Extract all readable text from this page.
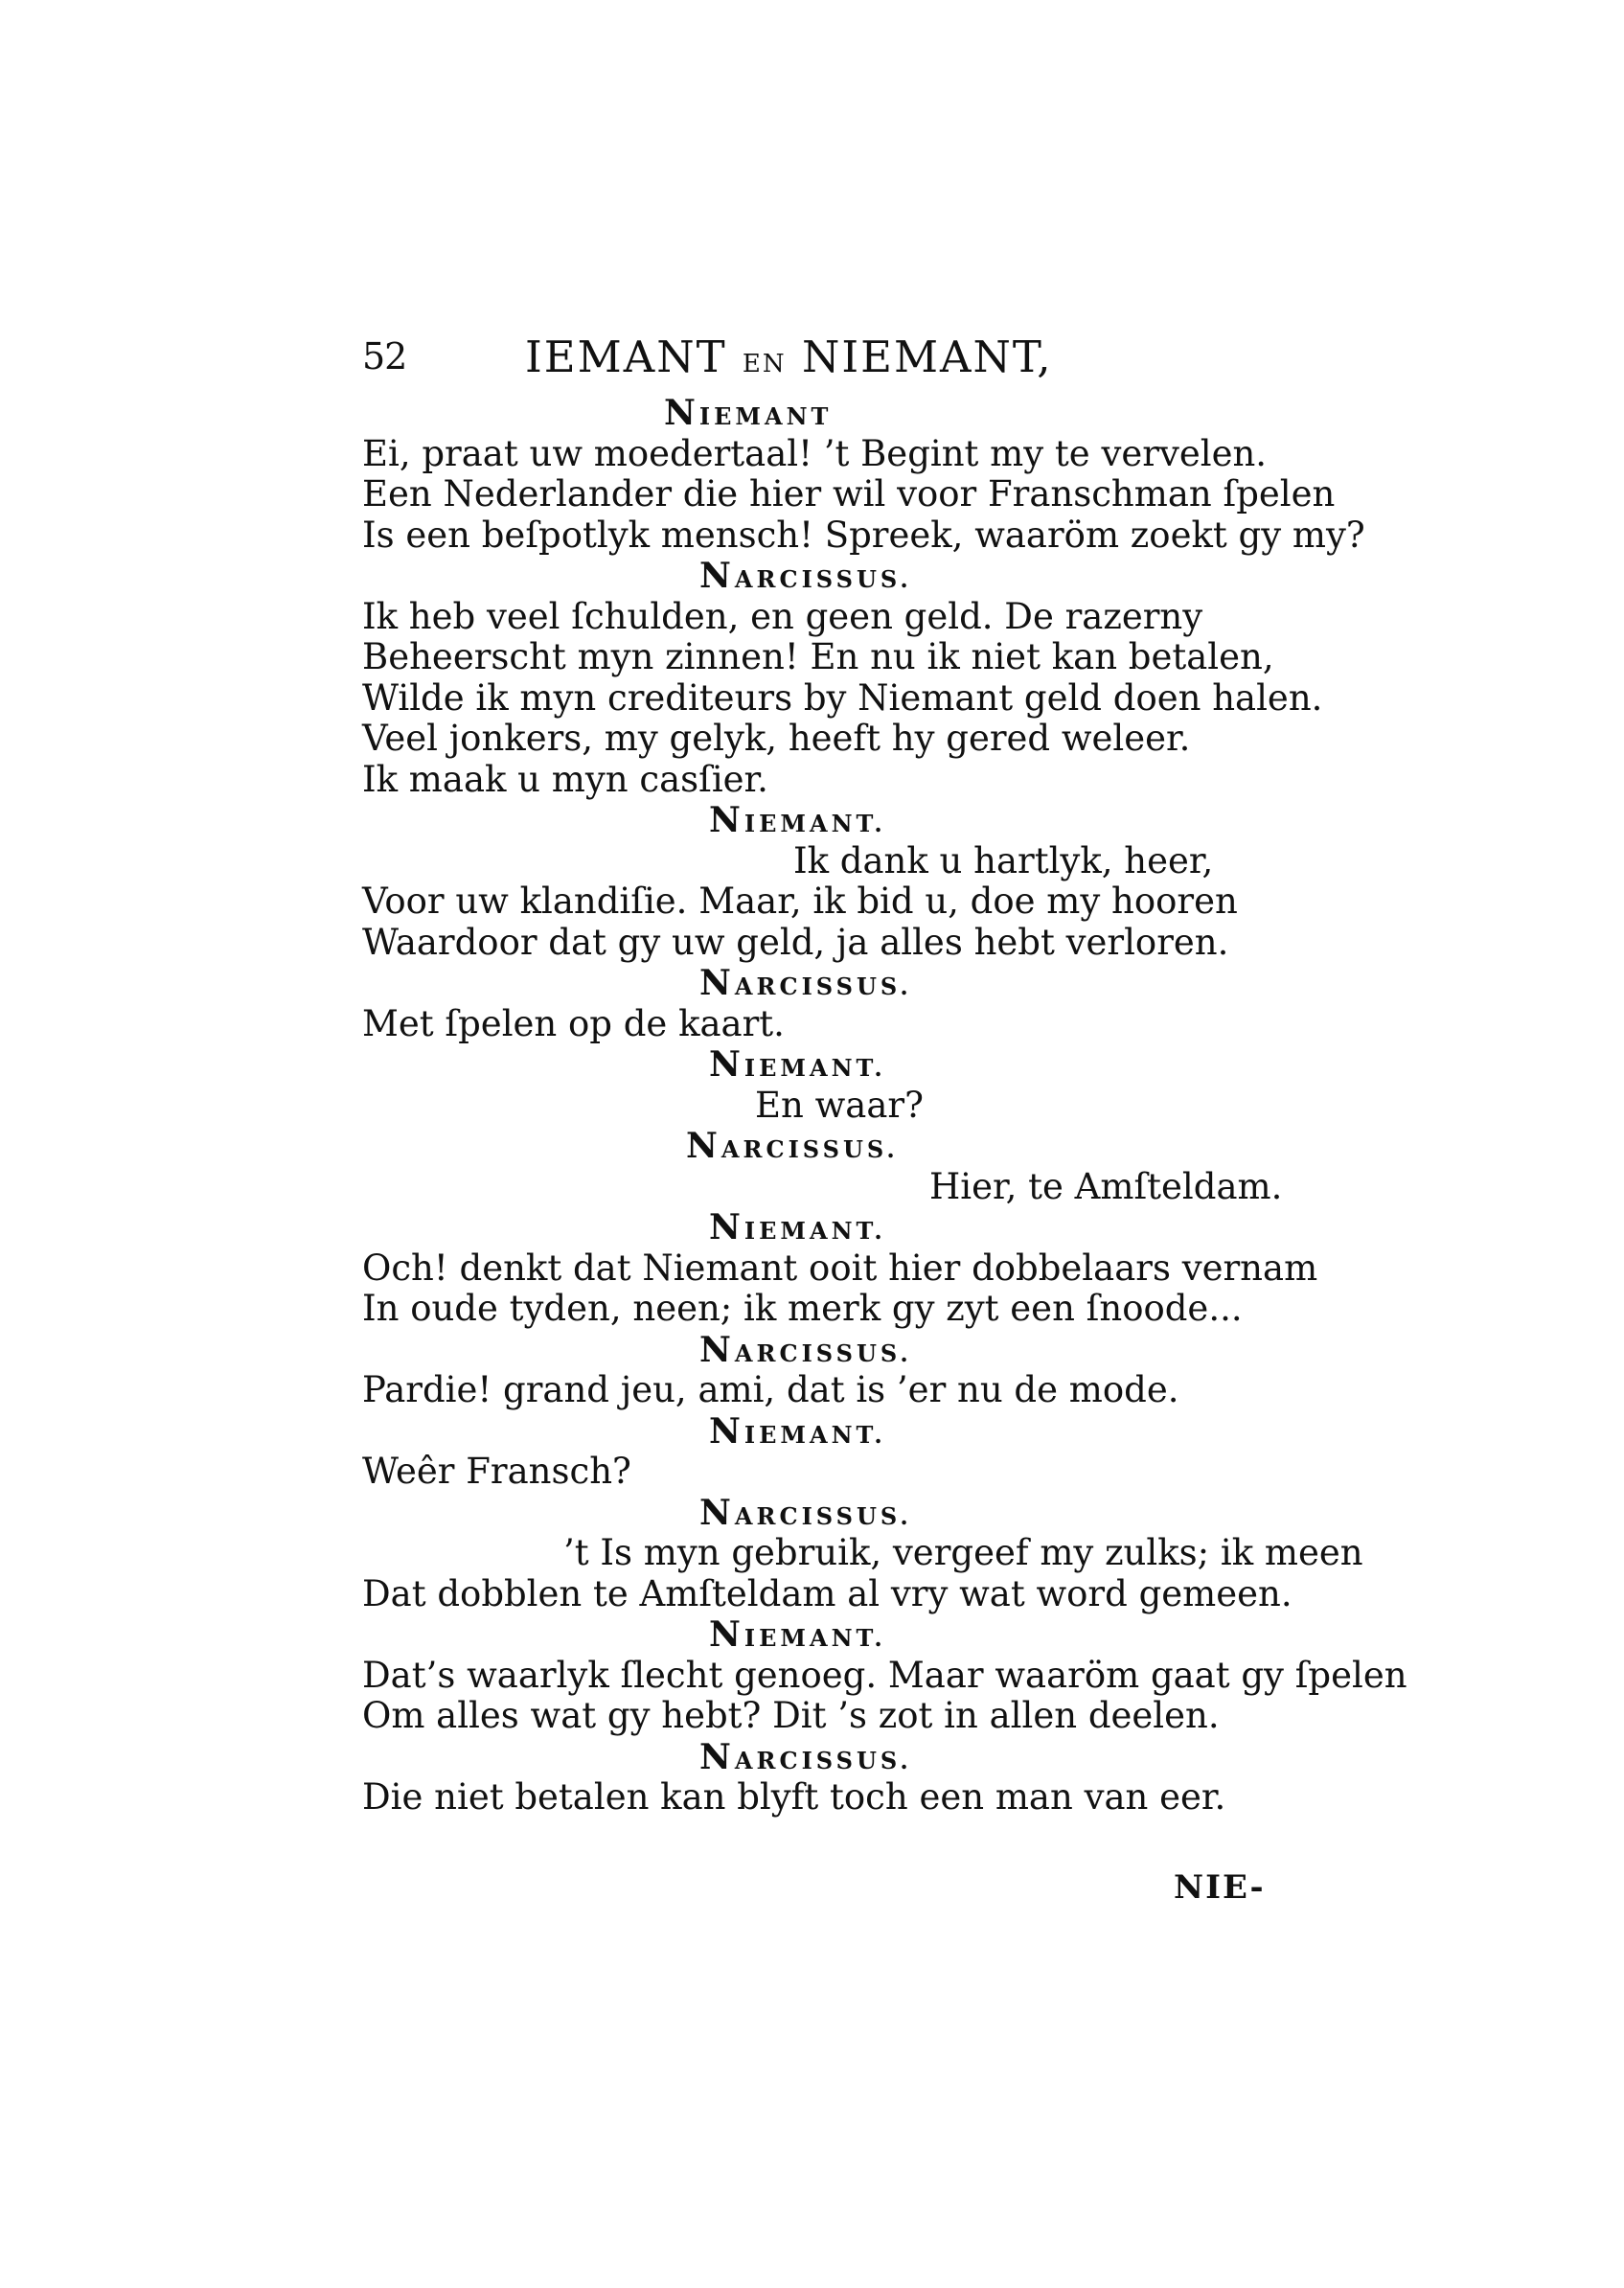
52	IEMANT EN NIEMANT,
NIEMANT
Ei, praat uw moedertaal! ’t Begint my te vervelen.
Een Nederlander die hier wil voor Franschman ſpelen
Is een beſpotlyk mensch! Spreek, waaröm zoekt gy my?
NARCISSUS.
Ik heb veel ſchulden, en geen geld. De razerny
Beheerscht myn zinnen! En nu ik niet kan betalen,
Wilde ik myn crediteurs by Niemant geld doen halen.
Veel jonkers, my gelyk, heeft hy gered weleer.
Ik maak u myn casſier.
NIEMANT.
Ik dank u hartlyk, heer,
Voor uw klandiſie. Maar, ik bid u, doe my hooren
Waardoor dat gy uw geld, ja alles hebt verloren.
NARCISSUS.
Met ſpelen op de kaart.
NIEMANT.
En waar?
NARCISSUS.
Hier, te Amſteldam.
NIEMANT.
Och! denkt dat Niemant ooit hier dobbelaars vernam
In oude tyden, neen; ik merk gy zyt een ſnoode...
NARCISSUS.
Pardie! grand jeu, ami, dat is ’er nu de mode.
NIEMANT.
Weêr Fransch?
NARCISSUS.
’t Is myn gebruik, vergeef my zulks; ik meen
Dat dobblen te Amſteldam al vry wat word gemeen.
NIEMANT.
Dat’s waarlyk ſlecht genoeg. Maar waaröm gaat gy ſpelen
Om alles wat gy hebt? Dit ’s zot in allen deelen.
NARCISSUS.
Die niet betalen kan blyft toch een man van eer.
NIE-
